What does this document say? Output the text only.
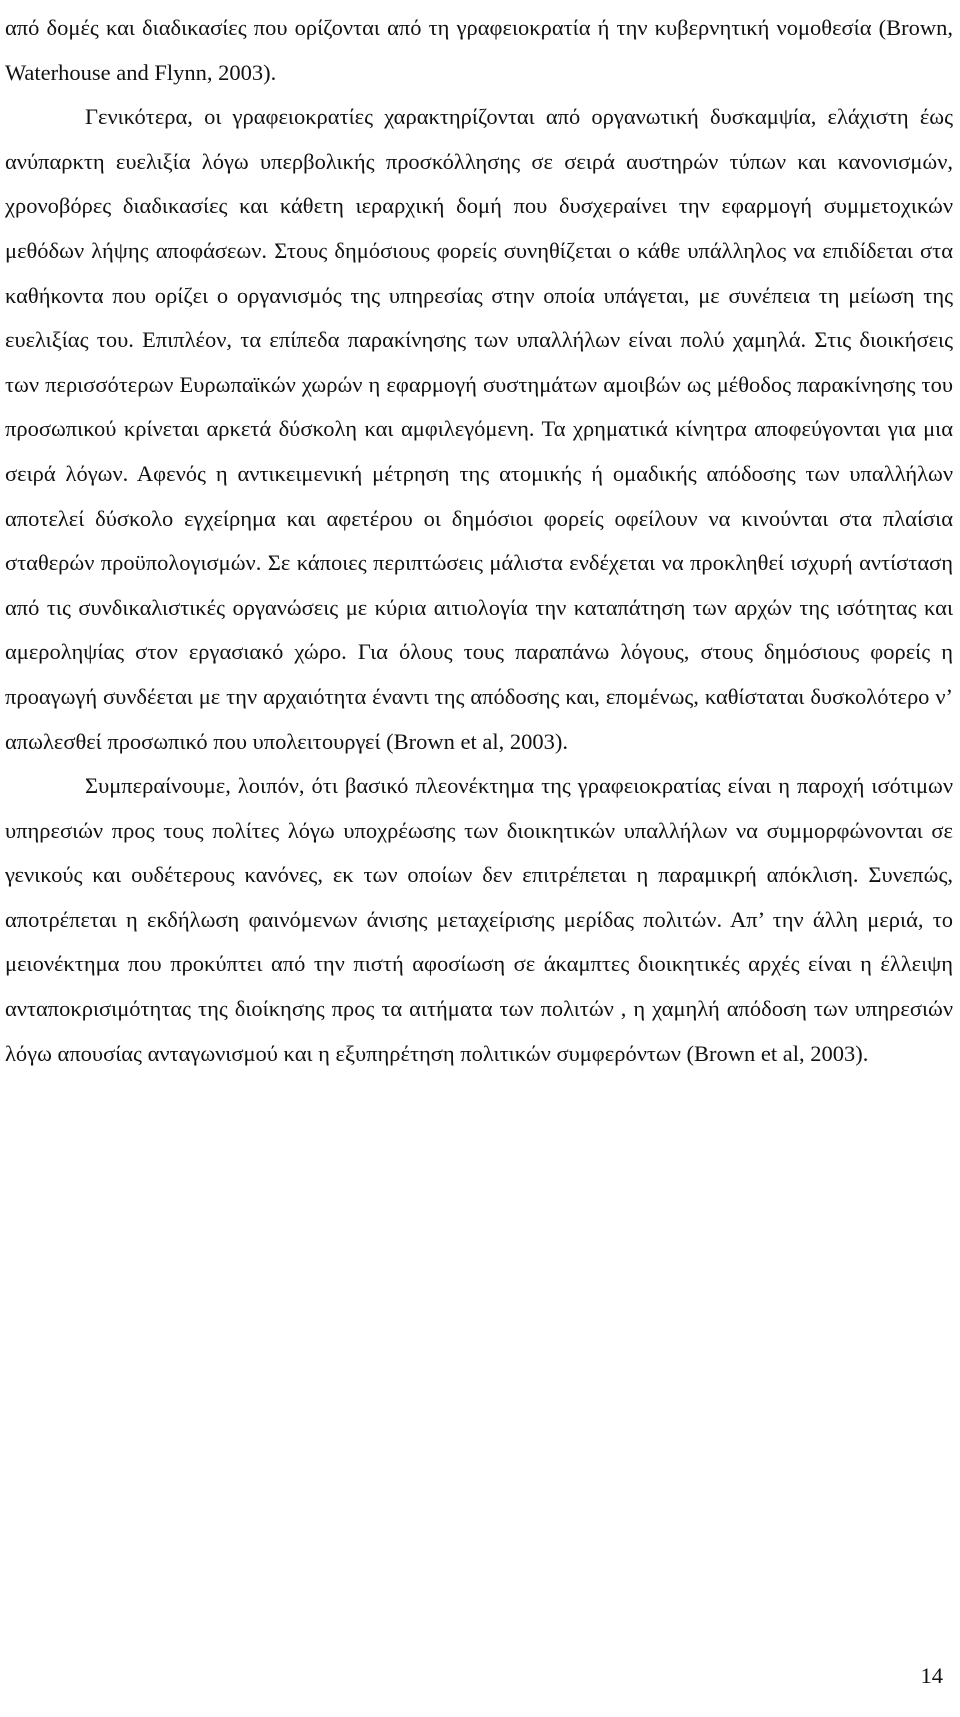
από δομές και διαδικασίες που ορίζονται από τη γραφειοκρατία ή την κυβερνητική νομοθεσία (Brown, Waterhouse and Flynn, 2003).

Γενικότερα, οι γραφειοκρατίες χαρακτηρίζονται από οργανωτική δυσκαμψία, ελάχιστη έως ανύπαρκτη ευελιξία λόγω υπερβολικής προσκόλλησης σε σειρά αυστηρών τύπων και κανονισμών, χρονοβόρες διαδικασίες και κάθετη ιεραρχική δομή που δυσχεραίνει την εφαρμογή συμμετοχικών μεθόδων λήψης αποφάσεων. Στους δημόσιους φορείς συνηθίζεται ο κάθε υπάλληλος να επιδίδεται στα καθήκοντα που ορίζει ο οργανισμός της υπηρεσίας στην οποία υπάγεται, με συνέπεια τη μείωση της ευελιξίας του. Επιπλέον, τα επίπεδα παρακίνησης των υπαλλήλων είναι πολύ χαμηλά. Στις διοικήσεις των περισσότερων Ευρωπαϊκών χωρών η εφαρμογή συστημάτων αμοιβών ως μέθοδος παρακίνησης του προσωπικού κρίνεται αρκετά δύσκολη και αμφιλεγόμενη. Τα χρηματικά κίνητρα αποφεύγονται για μια σειρά λόγων. Αφενός η αντικειμενική μέτρηση της ατομικής ή ομαδικής απόδοσης των υπαλλήλων αποτελεί δύσκολο εγχείρημα και αφετέρου οι δημόσιοι φορείς οφείλουν να κινούνται στα πλαίσια σταθερών προϋπολογισμών. Σε κάποιες περιπτώσεις μάλιστα ενδέχεται να προκληθεί ισχυρή αντίσταση από τις συνδικαλιστικές οργανώσεις με κύρια αιτιολογία την καταπάτηση των αρχών της ισότητας και αμεροληψίας στον εργασιακό χώρο. Για όλους τους παραπάνω λόγους, στους δημόσιους φορείς η προαγωγή συνδέεται με την αρχαιότητα έναντι της απόδοσης και, επομένως, καθίσταται δυσκολότερο ν’ απωλεσθεί προσωπικό που υπολειτουργεί (Brown et al, 2003).

Συμπεραίνουμε, λοιπόν, ότι βασικό πλεονέκτημα της γραφειοκρατίας είναι η παροχή ισότιμων υπηρεσιών προς τους πολίτες λόγω υποχρέωσης των διοικητικών υπαλλήλων να συμμορφώνονται σε γενικούς και ουδέτερους κανόνες, εκ των οποίων δεν επιτρέπεται η παραμικρή απόκλιση. Συνεπώς, αποτρέπεται η εκδήλωση φαινόμενων άνισης μεταχείρισης μερίδας πολιτών. Απ’ την άλλη μεριά, το μειονέκτημα που προκύπτει από την πιστή αφοσίωση σε άκαμπτες διοικητικές αρχές είναι η έλλειψη ανταποκρισιμότητας της διοίκησης προς τα αιτήματα των πολιτών , η χαμηλή απόδοση των υπηρεσιών λόγω απουσίας ανταγωνισμού και η εξυπηρέτηση πολιτικών συμφερόντων (Brown et al, 2003).

14
